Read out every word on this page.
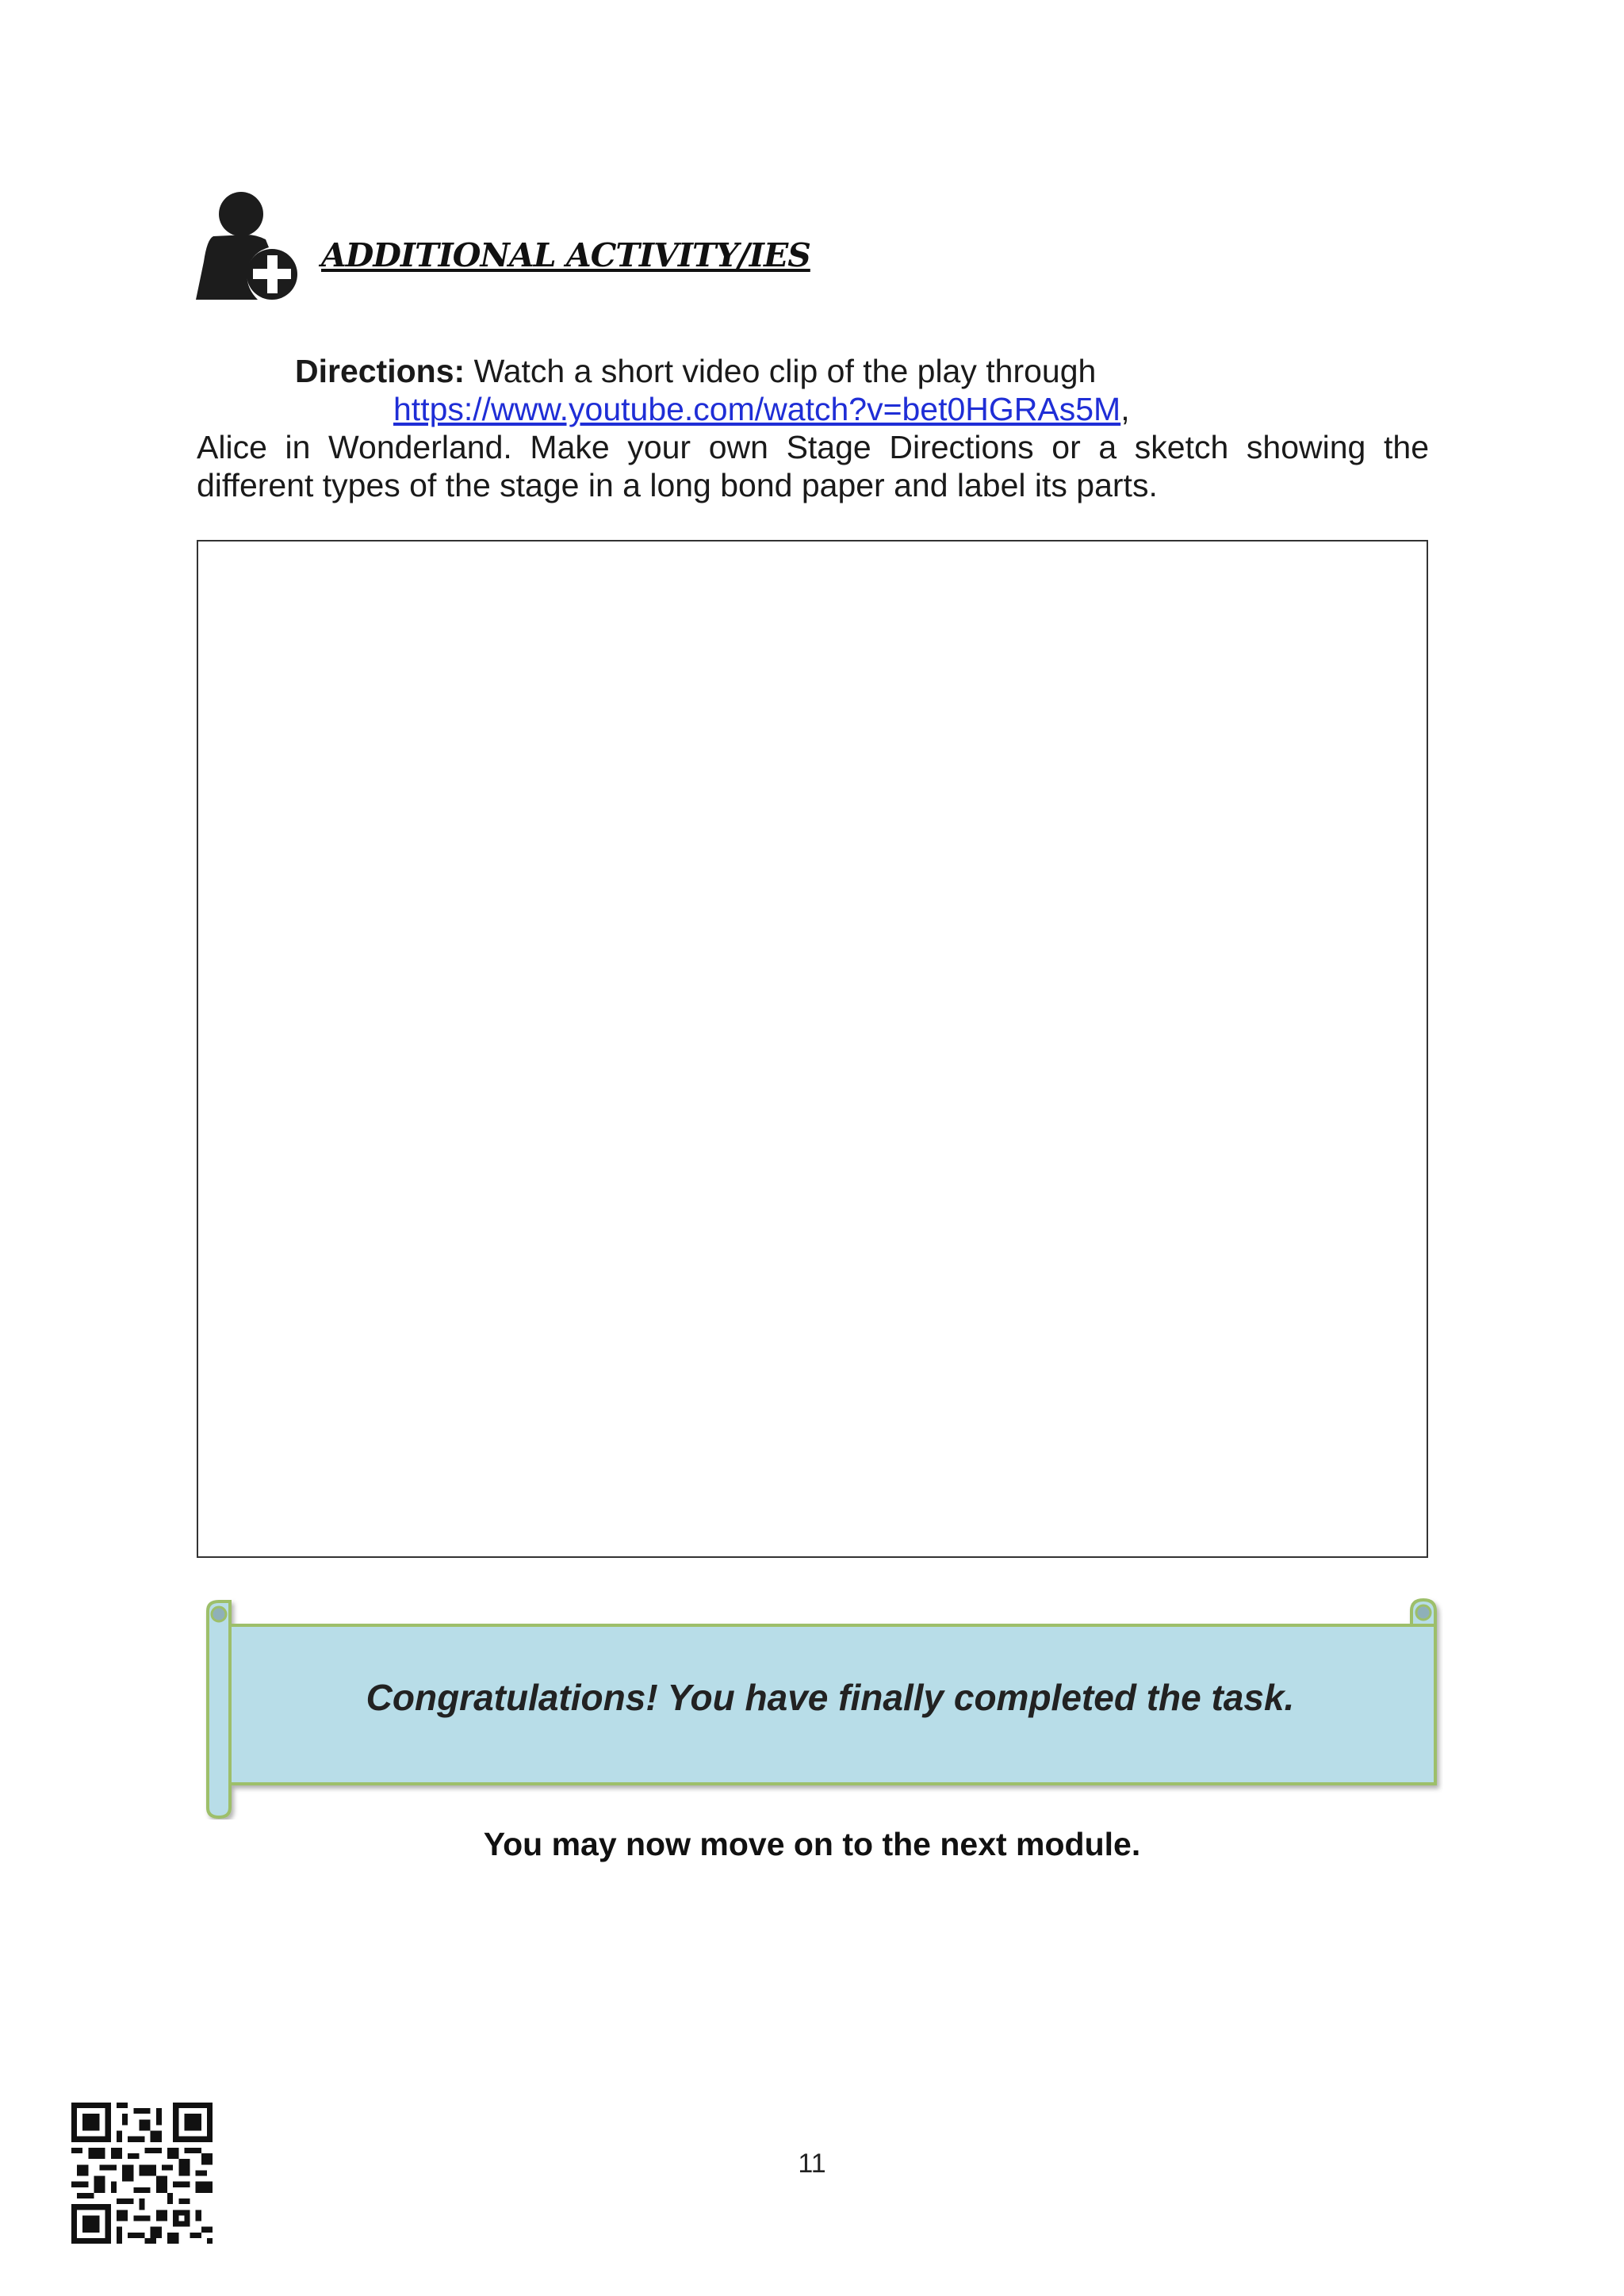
ADDITIONAL ACTIVITY/IES
Directions: Watch a short video clip of the play through
https://www.youtube.com/watch?v=bet0HGRAs5M,
Alice in Wonderland. Make your own Stage Directions or a sketch showing the different types of the stage in a long bond paper and label its parts.
Congratulations! You have finally completed the task.
You may now move on to the next module.
11
